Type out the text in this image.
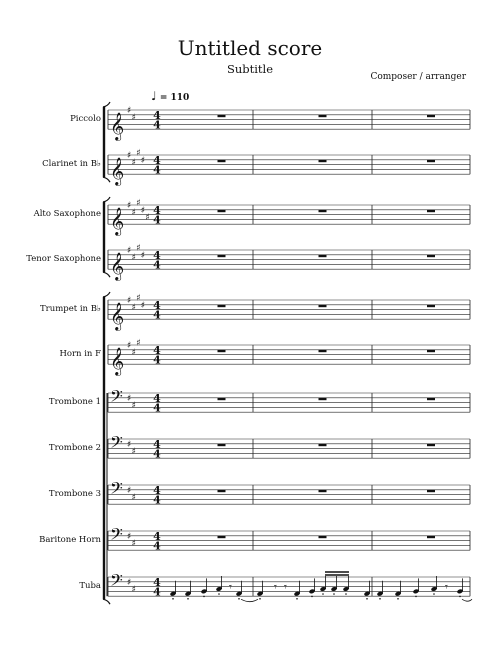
Untitled score
Subtitle
Composer / arranger
♩ = 110
Piccolo
Clarinet in B♭
Alto Saxophone
Tenor Saxophone
Trumpet in B♭
Horn in F
Trombone 1
Trombone 2
Trombone 3
Baritone Horn
Tuba
𝄞
♯
♯ 4
4
𝄞
♯
♯
♯
♯ 4
4
𝄞
♯
♯
♯
♯
♯
4
4
𝄞
♯
♯
♯
♯ 4
4
𝄞
♯
♯
♯
♯ 4
4
𝄞
♯
♯
♯
4
4
𝄢 ♯
♯
4
4
𝄢 ♯
♯
4
4
𝄢 ♯
♯
4
4
𝄢 ♯
♯
4
4
𝄢 ♯
♯
4
4	𝄾	𝄾 𝄾	𝄾
